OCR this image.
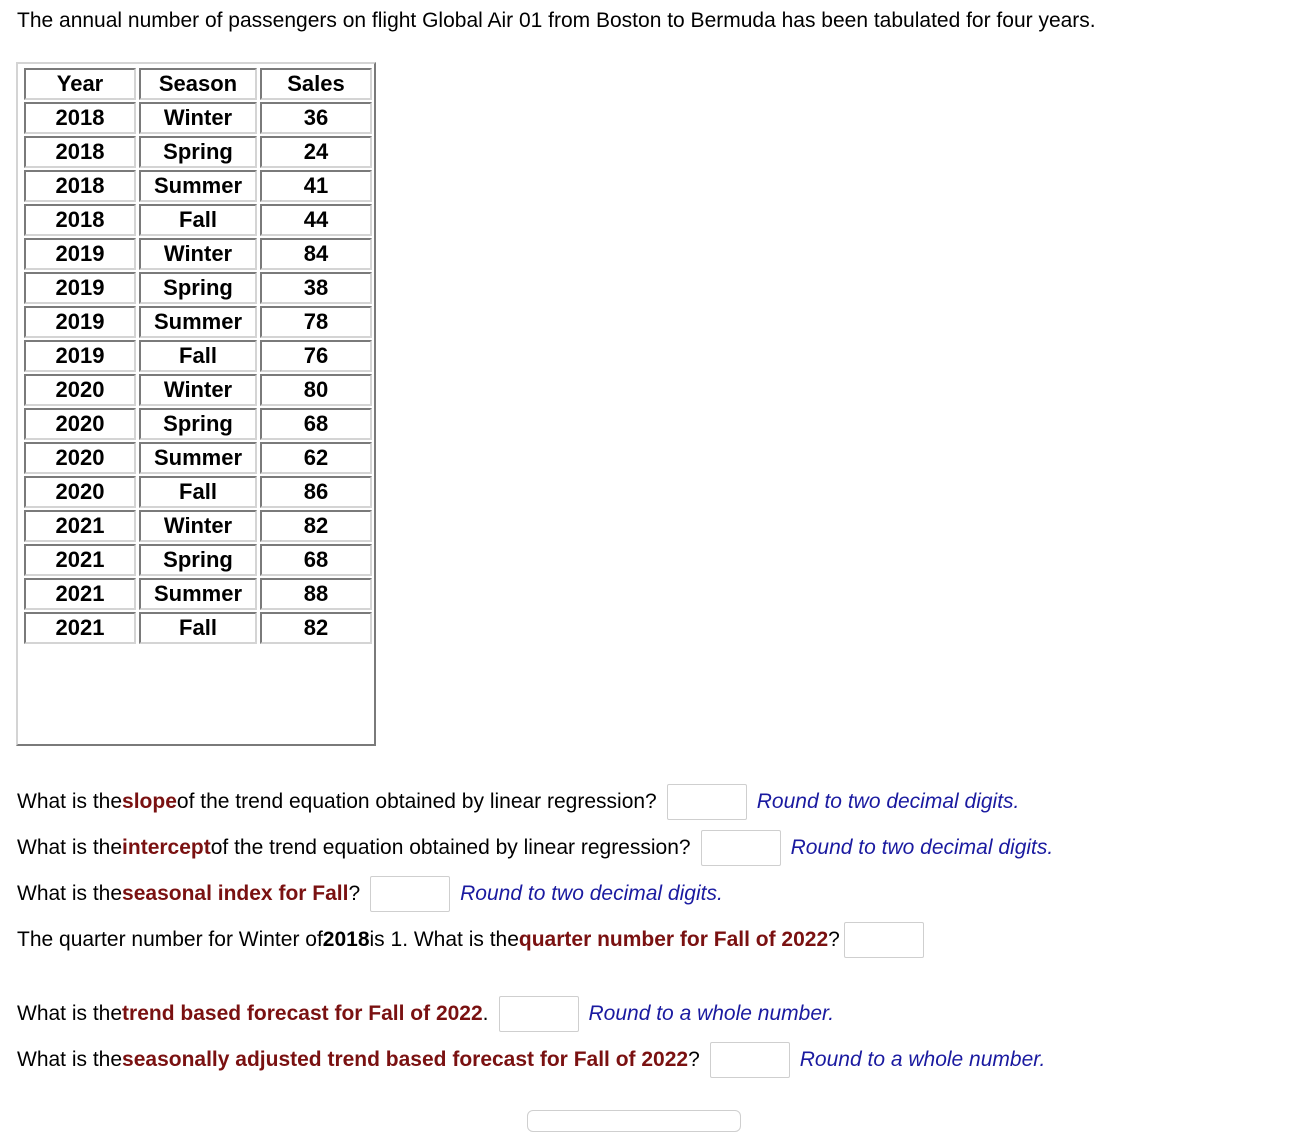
The annual number of passengers on flight Global Air 01 from Boston to Bermuda has been tabulated for four years.
Year	Season	Sales
2018	Winter	36
2018	Spring	24
2018	Summer	41
2018	Fall	44
2019	Winter	84
2019	Spring	38
2019	Summer	78
2019	Fall	76
2020	Winter	80
2020	Spring	68
2020	Summer	62
2020	Fall	86
2021	Winter	82
2021	Spring	68
2021	Summer	88
2021	Fall	82
What is the slope of the trend equation obtained by linear regression?	Round to two decimal digits.
What is the intercept of the trend equation obtained by linear regression?	Round to two decimal digits.
What is the seasonal index for Fall ?	Round to two decimal digits.
The quarter number for Winter of 2018 is 1. What is the quarter number for Fall of 2022 ?
What is the trend based forecast for Fall of 2022 .	Round to a whole number.
What is the seasonally adjusted trend based forecast for Fall of 2022 ?	Round to a whole number.
